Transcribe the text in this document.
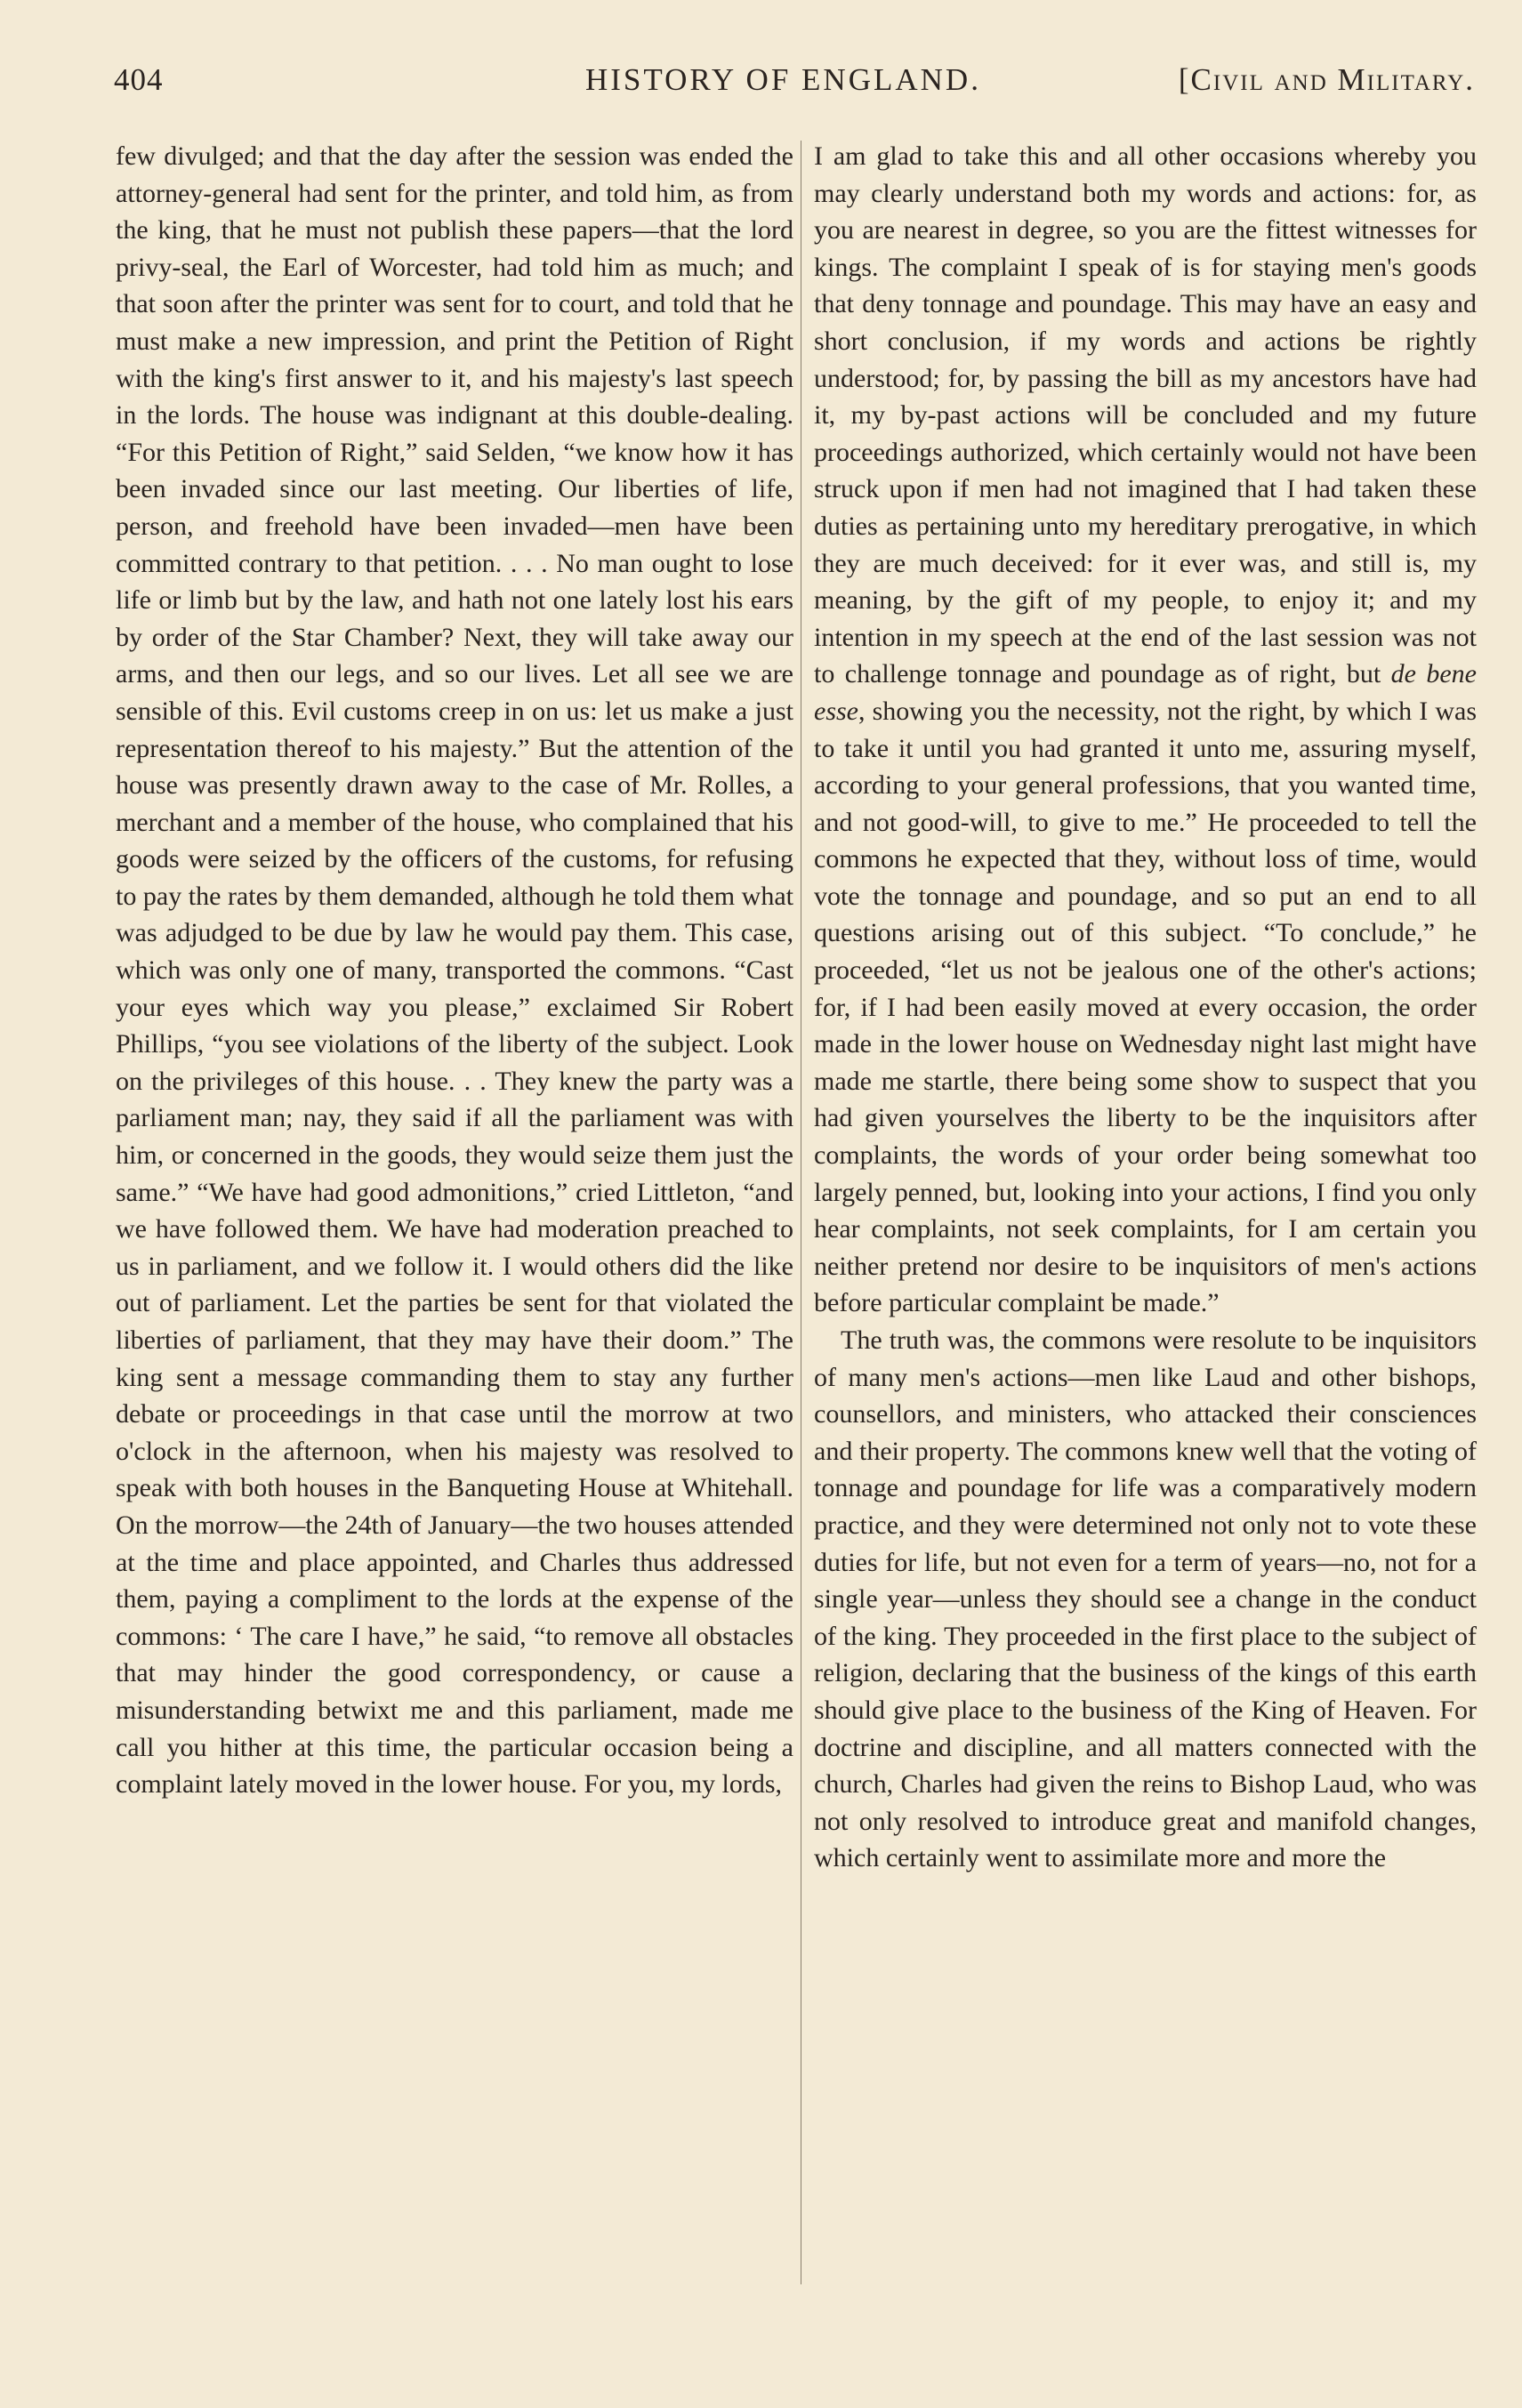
404	HISTORY OF ENGLAND.	[Civil and Military.

few divulged; and that the day after the session was ended the attorney-general had sent for the printer, and told him, as from the king, that he must not publish these papers—that the lord privy-seal, the Earl of Worcester, had told him as much; and that soon after the printer was sent for to court, and told that he must make a new impression, and print the Petition of Right with the king's first answer to it, and his majesty's last speech in the lords. The house was indignant at this double-dealing. “For this Petition of Right,” said Selden, “we know how it has been invaded since our last meeting. Our liberties of life, person, and freehold have been invaded—men have been committed contrary to that petition. . . . No man ought to lose life or limb but by the law, and hath not one lately lost his ears by order of the Star Chamber? Next, they will take away our arms, and then our legs, and so our lives. Let all see we are sensible of this. Evil customs creep in on us: let us make a just representation thereof to his majesty.” But the attention of the house was presently drawn away to the case of Mr. Rolles, a merchant and a member of the house, who complained that his goods were seized by the officers of the customs, for refusing to pay the rates by them demanded, although he told them what was adjudged to be due by law he would pay them. This case, which was only one of many, transported the commons. “Cast your eyes which way you please,” exclaimed Sir Robert Phillips, “you see violations of the liberty of the subject. Look on the privileges of this house. . . They knew the party was a parliament man; nay, they said if all the parliament was with him, or concerned in the goods, they would seize them just the same.” “We have had good admonitions,” cried Littleton, “and we have followed them. We have had moderation preached to us in parliament, and we follow it. I would others did the like out of parliament. Let the parties be sent for that violated the liberties of parliament, that they may have their doom.” The king sent a message commanding them to stay any further debate or proceedings in that case until the morrow at two o'clock in the afternoon, when his majesty was resolved to speak with both houses in the Banqueting House at Whitehall. On the morrow—the 24th of January—the two houses attended at the time and place appointed, and Charles thus addressed them, paying a compliment to the lords at the expense of the commons: ‘ The care I have,” he said, “to remove all obstacles that may hinder the good correspondency, or cause a misunderstanding betwixt me and this parliament, made me call you hither at this time, the particular occasion being a complaint lately moved in the lower house. For you, my lords,

I am glad to take this and all other occasions whereby you may clearly understand both my words and actions: for, as you are nearest in degree, so you are the fittest witnesses for kings. The complaint I speak of is for staying men's goods that deny tonnage and poundage. This may have an easy and short conclusion, if my words and actions be rightly understood; for, by passing the bill as my ancestors have had it, my by-past actions will be concluded and my future proceedings authorized, which certainly would not have been struck upon if men had not imagined that I had taken these duties as pertaining unto my hereditary prerogative, in which they are much deceived: for it ever was, and still is, my meaning, by the gift of my people, to enjoy it; and my intention in my speech at the end of the last session was not to challenge tonnage and poundage as of right, but de bene esse, showing you the necessity, not the right, by which I was to take it until you had granted it unto me, assuring myself, according to your general professions, that you wanted time, and not good-will, to give to me.” He proceeded to tell the commons he expected that they, without loss of time, would vote the tonnage and poundage, and so put an end to all questions arising out of this subject. “To conclude,” he proceeded, “let us not be jealous one of the other's actions; for, if I had been easily moved at every occasion, the order made in the lower house on Wednesday night last might have made me startle, there being some show to suspect that you had given yourselves the liberty to be the inquisitors after complaints, the words of your order being somewhat too largely penned, but, looking into your actions, I find you only hear complaints, not seek complaints, for I am certain you neither pretend nor desire to be inquisitors of men's actions before particular complaint be made.”

The truth was, the commons were resolute to be inquisitors of many men's actions—men like Laud and other bishops, counsellors, and ministers, who attacked their consciences and their property. The commons knew well that the voting of tonnage and poundage for life was a comparatively modern practice, and they were determined not only not to vote these duties for life, but not even for a term of years—no, not for a single year—unless they should see a change in the conduct of the king. They proceeded in the first place to the subject of religion, declaring that the business of the kings of this earth should give place to the business of the King of Heaven. For doctrine and discipline, and all matters connected with the church, Charles had given the reins to Bishop Laud, who was not only resolved to introduce great and manifold changes, which certainly went to assimilate more and more the
